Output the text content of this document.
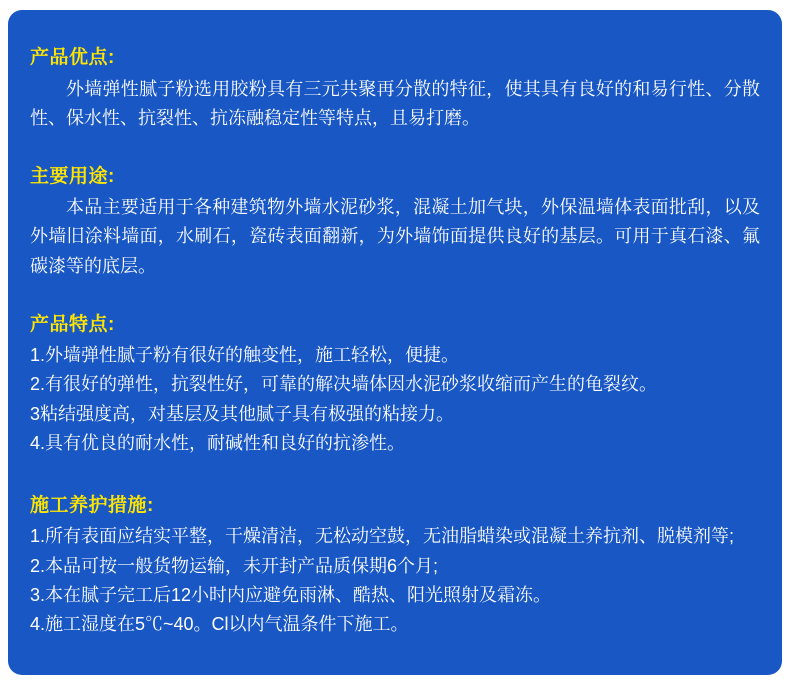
产品优点:

外墙弹性腻子粉选用胶粉具有三元共聚再分散的特征，使其具有良好的和易行性、分散性、保水性、抗裂性、抗冻融稳定性等特点，且易打磨。

主要用途:

本品主要适用于各种建筑物外墙水泥砂浆，混凝土加气块，外保温墙体表面批刮，以及外墙旧涂料墙面，水刷石，瓷砖表面翻新，为外墙饰面提供良好的基层。可用于真石漆、氟碳漆等的底层。

产品特点:

1.外墙弹性腻子粉有很好的触变性，施工轻松，便捷。
2.有很好的弹性，抗裂性好，可靠的解决墙体因水泥砂浆收缩而产生的龟裂纹。
3粘结强度高，对基层及其他腻子具有极强的粘接力。
4.具有优良的耐水性，耐碱性和良好的抗渗性。

施工养护措施:

1.所有表面应结实平整，干燥清洁，无松动空鼓，无油脂蜡染或混凝土养抗剂、脱模剂等;
2.本品可按一般货物运输，未开封产品质保期6个月;
3.本在腻子完工后12小时内应避免雨淋、酷热、阳光照射及霜冻。
4.施工湿度在5℃~40。Cl以内气温条件下施工。
